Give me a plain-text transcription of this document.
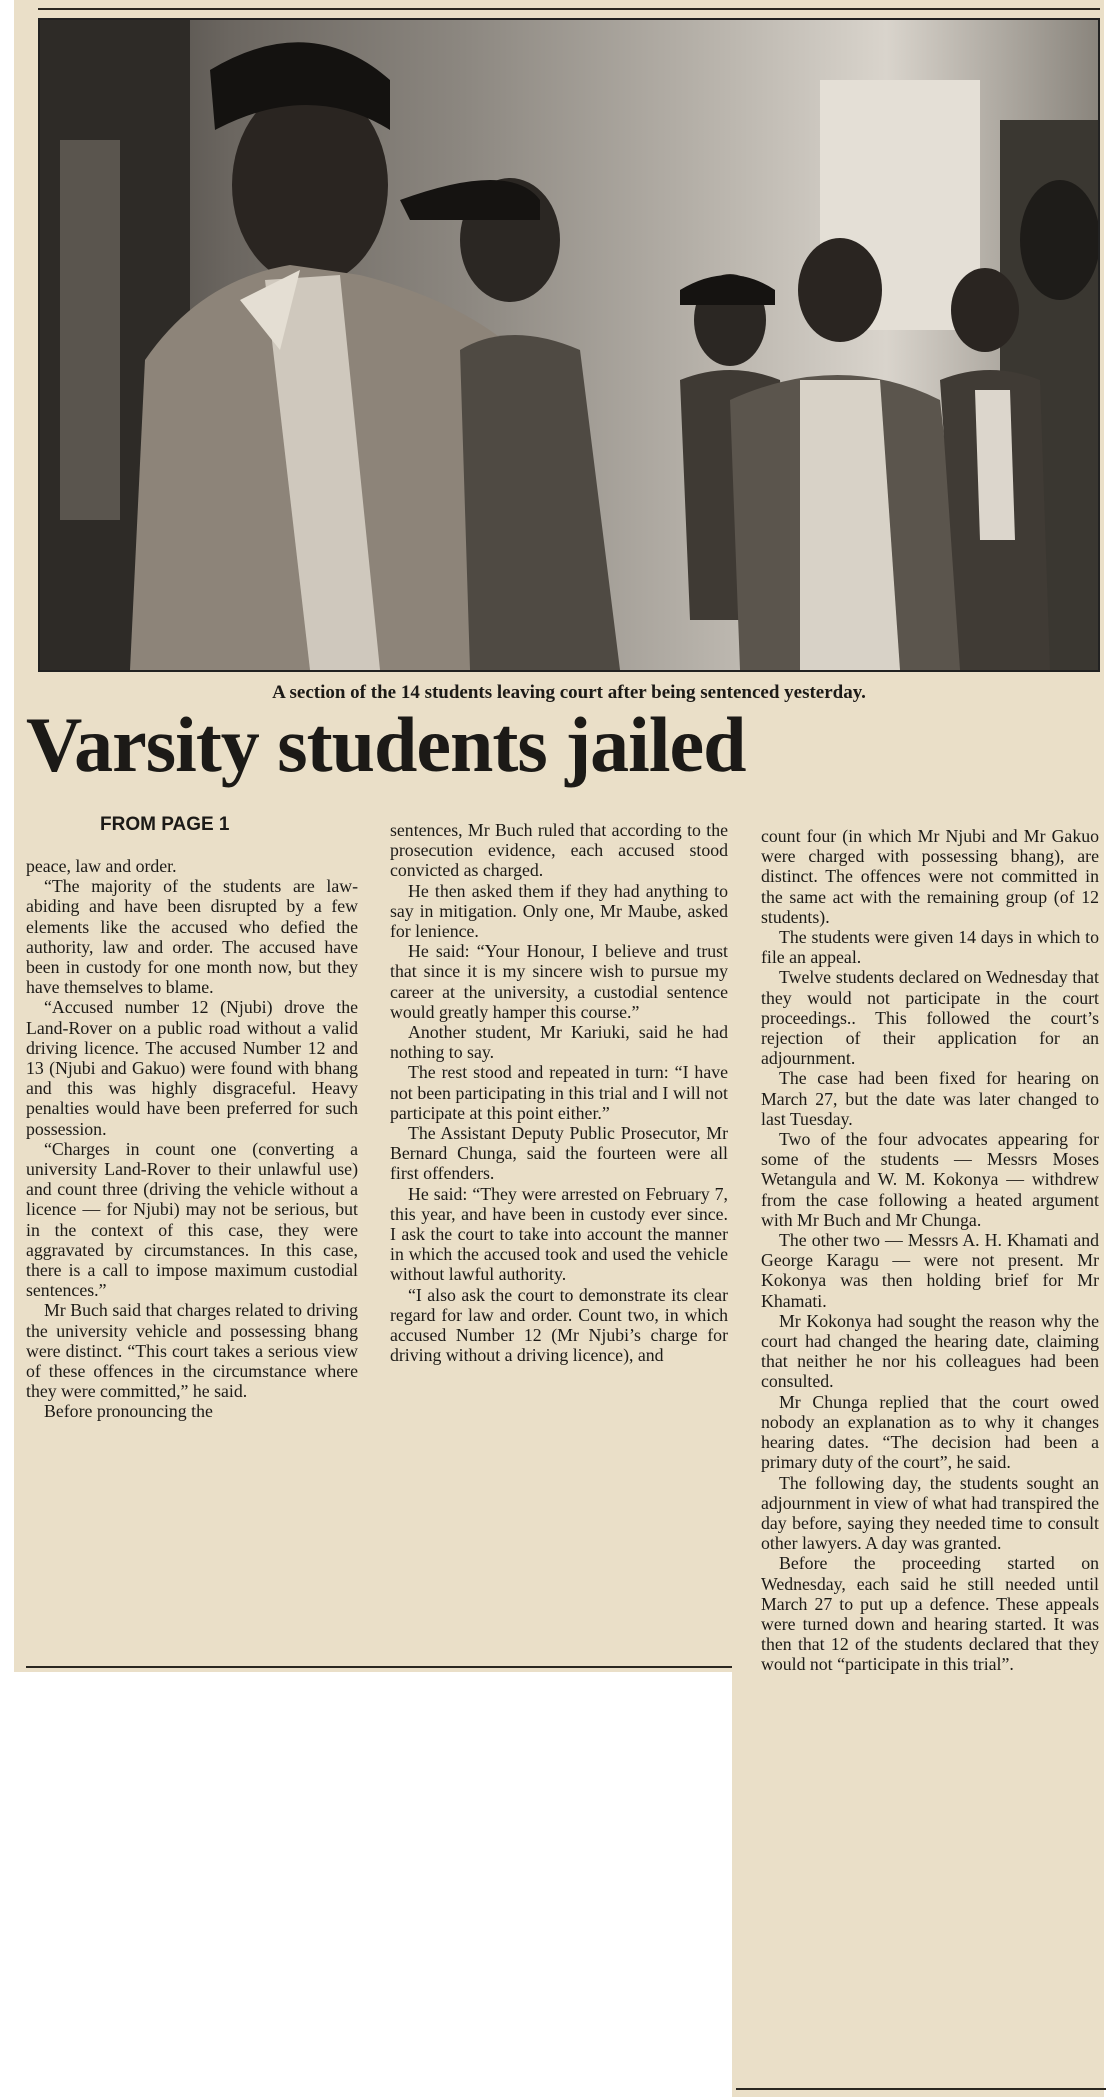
A section of the 14 students leaving court after being sentenced yesterday.
Varsity students jailed
FROM PAGE 1

peace, law and order.

“The majority of the students are law-abiding and have been disrupted by a few elements like the accused who defied the authority, law and order. The accused have been in custody for one month now, but they have themselves to blame.

“Accused number 12 (Njubi) drove the Land-Rover on a public road without a valid driving licence. The accused Number 12 and 13 (Njubi and Gakuo) were found with bhang and this was highly disgraceful. Heavy penalties would have been preferred for such possession.

“Charges in count one (converting a university Land-Rover to their unlawful use) and count three (driving the vehicle without a licence — for Njubi) may not be serious, but in the context of this case, they were aggravated by circumstances. In this case, there is a call to impose maximum custodial sentences.”

Mr Buch said that charges related to driving the university vehicle and possessing bhang were distinct. “This court takes a serious view of these offences in the circumstance where they were committed,” he said.

Before pronouncing the

sentences, Mr Buch ruled that according to the prosecution evidence, each accused stood convicted as charged.

He then asked them if they had anything to say in mitigation. Only one, Mr Maube, asked for lenience.

He said: “Your Honour, I believe and trust that since it is my sincere wish to pursue my career at the university, a custodial sentence would greatly hamper this course.”

Another student, Mr Kariuki, said he had nothing to say.

The rest stood and repeated in turn: “I have not been participating in this trial and I will not participate at this point either.”

The Assistant Deputy Public Prosecutor, Mr Bernard Chunga, said the fourteen were all first offenders.

He said: “They were arrested on February 7, this year, and have been in custody ever since. I ask the court to take into account the manner in which the accused took and used the vehicle without lawful authority.

“I also ask the court to demonstrate its clear regard for law and order. Count two, in which accused Number 12 (Mr Njubi’s charge for driving without a driving licence), and

count four (in which Mr Njubi and Mr Gakuo were charged with possessing bhang), are distinct. The offences were not committed in the same act with the remaining group (of 12 students).

The students were given 14 days in which to file an appeal.

Twelve students declared on Wednesday that they would not participate in the court proceedings.. This followed the court’s rejection of their application for an adjournment.

The case had been fixed for hearing on March 27, but the date was later changed to last Tuesday.

Two of the four advocates appearing for some of the students — Messrs Moses Wetangula and W. M. Kokonya — withdrew from the case following a heated argument with Mr Buch and Mr Chunga.

The other two — Messrs A. H. Khamati and George Karagu — were not present. Mr Kokonya was then holding brief for Mr Khamati.

Mr Kokonya had sought the reason why the court had changed the hearing date, claiming that neither he nor his colleagues had been consulted.

Mr Chunga replied that the court owed nobody an explanation as to why it changes hearing dates. “The decision had been a primary duty of the court”, he said.

The following day, the students sought an adjournment in view of what had transpired the day before, saying they needed time to consult other lawyers. A day was granted.

Before the proceeding started on Wednesday, each said he still needed until March 27 to put up a defence. These appeals were turned down and hearing started. It was then that 12 of the students declared that they would not “participate in this trial”.
